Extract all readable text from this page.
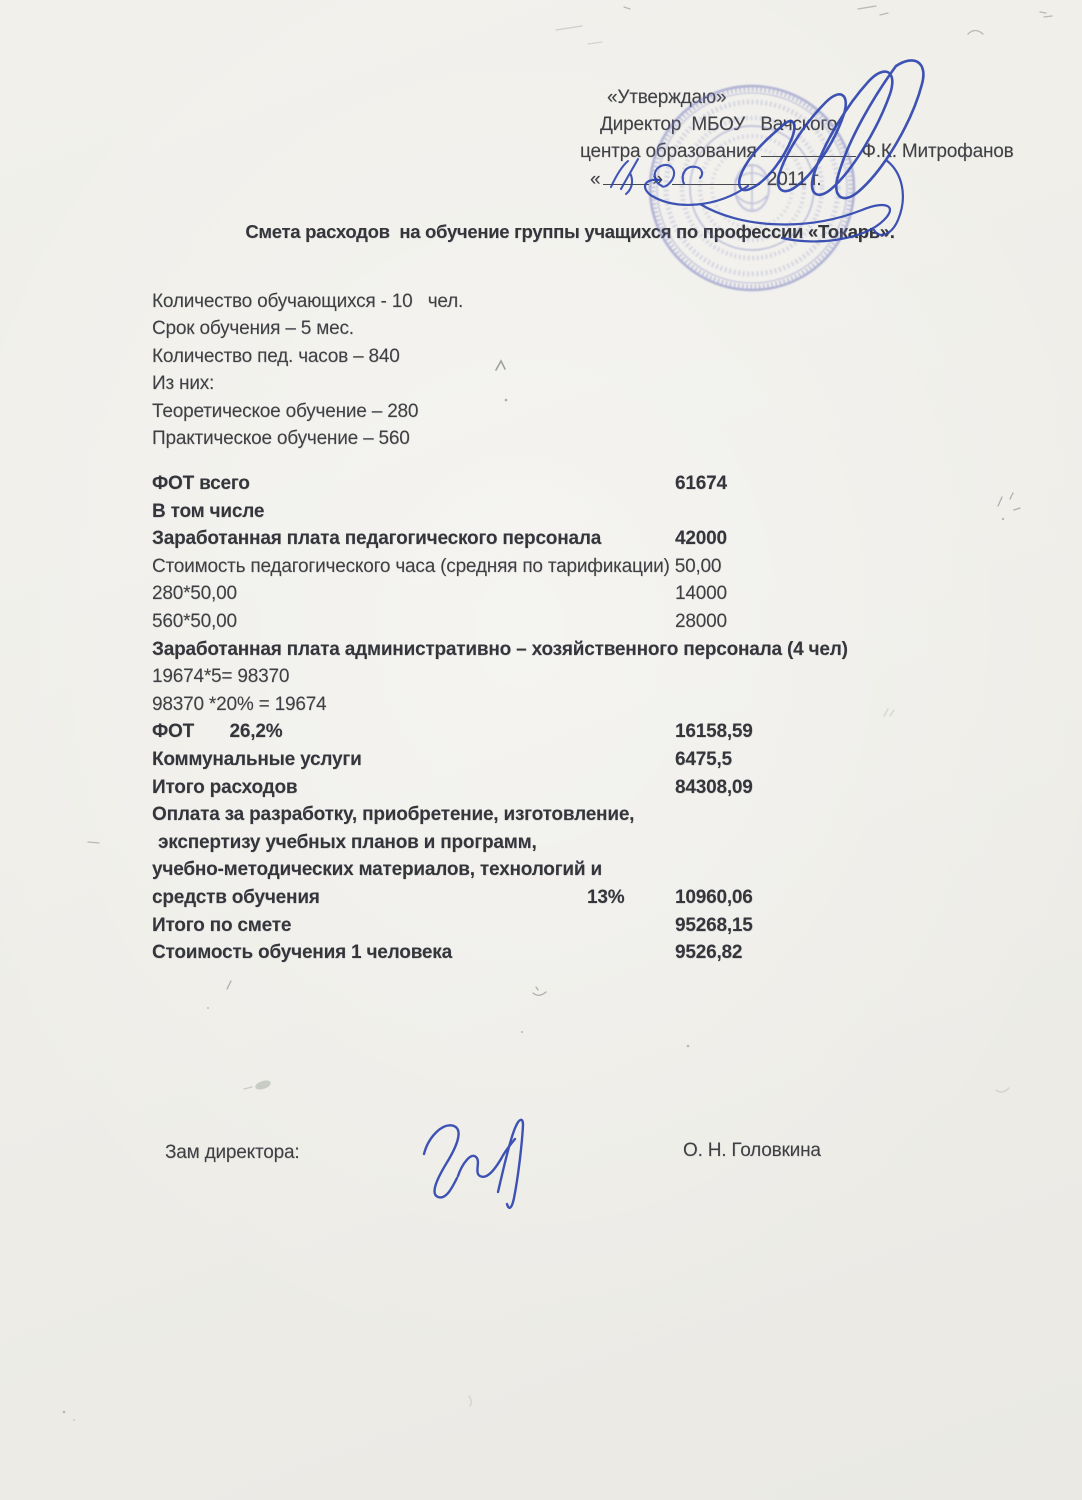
«Утверждаю»
Директор  МБОУ   Вачского
центра образования	Ф.К. Митрофанов
«	»	2011 г.
Смета расходов  на обучение группы учащихся по профессии «Токарь».
Количество обучающихся - 10   чел.
Срок обучения – 5 мес.
Количество пед. часов – 840
Из них:
Теоретическое обучение – 280
Практическое обучение – 560
ФОТ всего	61674
В том числе
Заработанная плата педагогического персонала	42000
Стоимость педагогического часа (средняя по тарификации) 50,00
280*50,00	14000
560*50,00	28000
Заработанная плата административно – хозяйственного персонала (4 чел)
19674*5= 98370
98370 *20% = 19674
ФОТ       26,2%	16158,59
Коммунальные услуги	6475,5
Итого расходов	84308,09
Оплата за разработку, приобретение, изготовление,
экспертизу учебных планов и программ,
учебно-методических материалов, технологий и
средств обучения	13%	10960,06
Итого по смете	95268,15
Стоимость обучения 1 человека	9526,82
Зам директора:	О. Н. Головкина
